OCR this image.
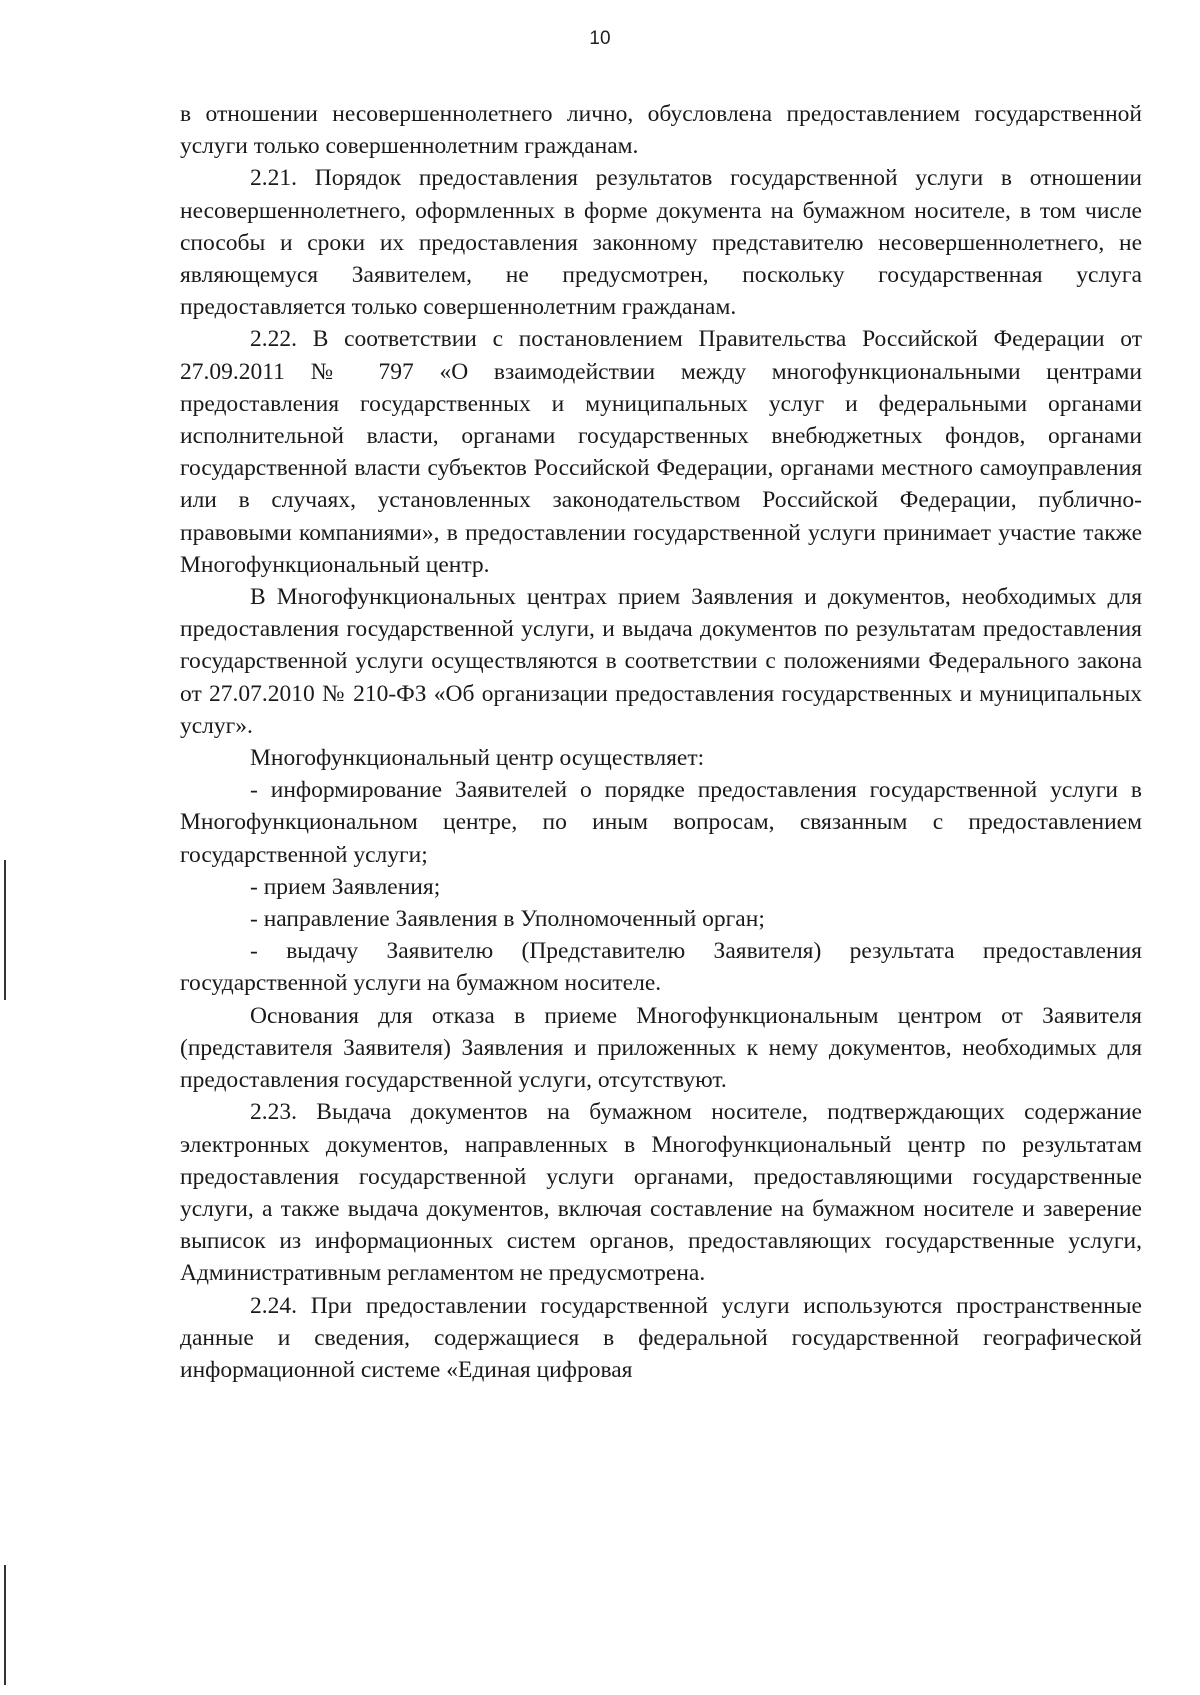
10

в отношении несовершеннолетнего лично, обусловлена предоставлением государственной услуги только совершеннолетним гражданам.

2.21. Порядок предоставления результатов государственной услуги в отношении несовершеннолетнего, оформленных в форме документа на бумажном носителе, в том числе способы и сроки их предоставления законному представителю несовершеннолетнего, не являющемуся Заявителем, не предусмотрен, поскольку государственная услуга предоставляется только совершеннолетним гражданам.

2.22. В соответствии с постановлением Правительства Российской Федерации от 27.09.2011 № 797 «О взаимодействии между многофункциональными центрами предоставления государственных и муниципальных услуг и федеральными органами исполнительной власти, органами государственных внебюджетных фондов, органами государственной власти субъектов Российской Федерации, органами местного самоуправления или в случаях, установленных законодательством Российской Федерации, публично-правовыми компаниями», в предоставлении государственной услуги принимает участие также Многофункциональный центр.

В Многофункциональных центрах прием Заявления и документов, необходимых для предоставления государственной услуги, и выдача документов по результатам предоставления государственной услуги осуществляются в соответствии с положениями Федерального закона от 27.07.2010 № 210-ФЗ «Об организации предоставления государственных и муниципальных услуг».

Многофункциональный центр осуществляет:

- информирование Заявителей о порядке предоставления государственной услуги в Многофункциональном центре, по иным вопросам, связанным с предоставлением государственной услуги;

- прием Заявления;

- направление Заявления в Уполномоченный орган;

- выдачу Заявителю (Представителю Заявителя) результата предоставления государственной услуги на бумажном носителе.

Основания для отказа в приеме Многофункциональным центром от Заявителя (представителя Заявителя) Заявления и приложенных к нему документов, необходимых для предоставления государственной услуги, отсутствуют.

2.23. Выдача документов на бумажном носителе, подтверждающих содержание электронных документов, направленных в Многофункциональный центр по результатам предоставления государственной услуги органами, предоставляющими государственные услуги, а также выдача документов, включая составление на бумажном носителе и заверение выписок из информационных систем органов, предоставляющих государственные услуги, Административным регламентом не предусмотрена.

2.24. При предоставлении государственной услуги используются пространственные данные и сведения, содержащиеся в федеральной государственной географической информационной системе «Единая цифровая
